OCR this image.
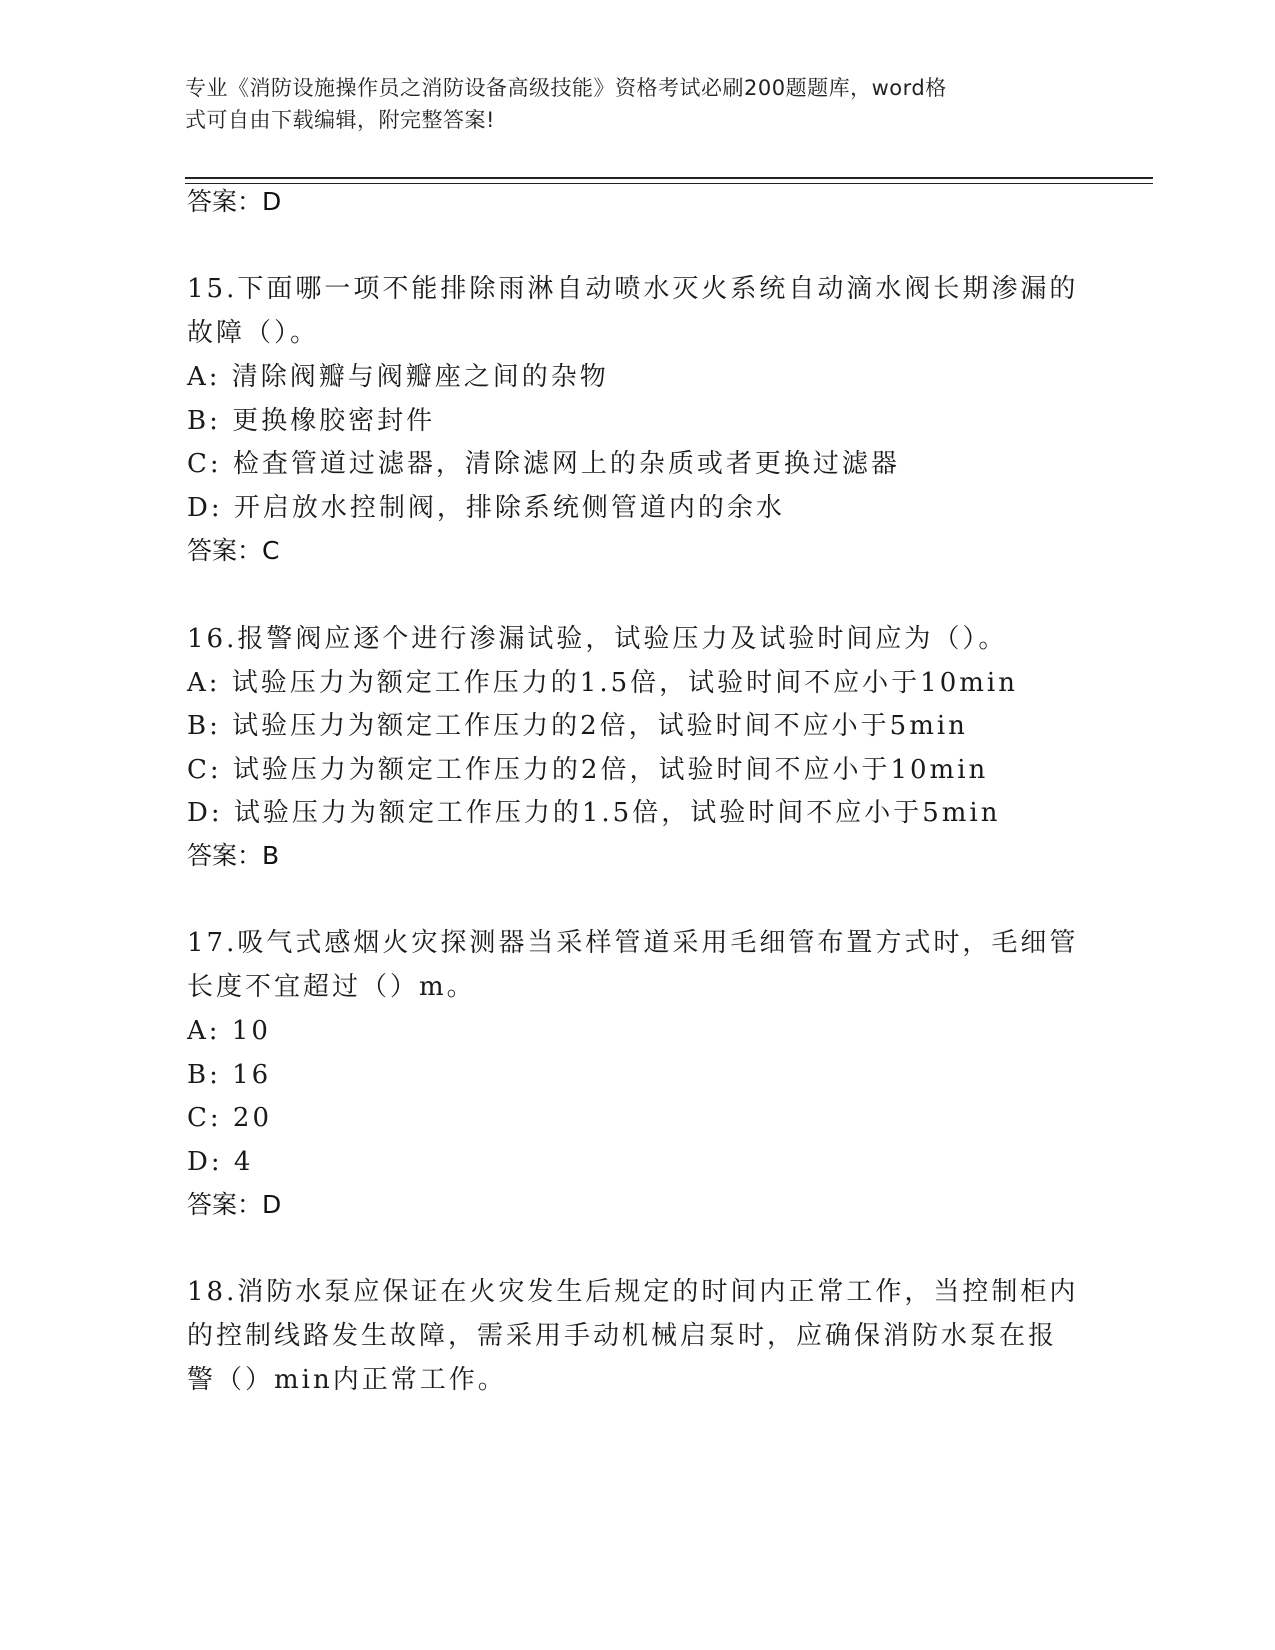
专业《消防设施操作员之消防设备高级技能》资格考试必刷200题题库，word格
式可自由下载编辑，附完整答案!
答案：D
15.下面哪一项不能排除雨淋自动喷水灭火系统自动滴水阀长期渗漏的
故障（）。
A: 清除阀瓣与阀瓣座之间的杂物
B: 更换橡胶密封件
C: 检査管道过滤器，清除滤网上的杂质或者更换过滤器
D: 开启放水控制阀，排除系统侧管道内的余水
答案：C
16.报警阀应逐个进行渗漏试验，试验压力及试验时间应为（）。
A: 试验压力为额定工作压力的1.5倍，试验时间不应小于10min
B: 试验压力为额定工作压力的2倍，试验时间不应小于5min
C: 试验压力为额定工作压力的2倍，试验时间不应小于10min
D: 试验压力为额定工作压力的1.5倍，试验时间不应小于5min
答案：B
17.吸气式感烟火灾探测器当采样管道采用毛细管布置方式时，毛细管
长度不宜超过（）m。
A: 10
B: 16
C: 20
D: 4
答案：D
18.消防水泵应保证在火灾发生后规定的时间内正常工作，当控制柜内
的控制线路发生故障，需采用手动机械启泵时，应确保消防水泵在报
警（）min内正常工作。
